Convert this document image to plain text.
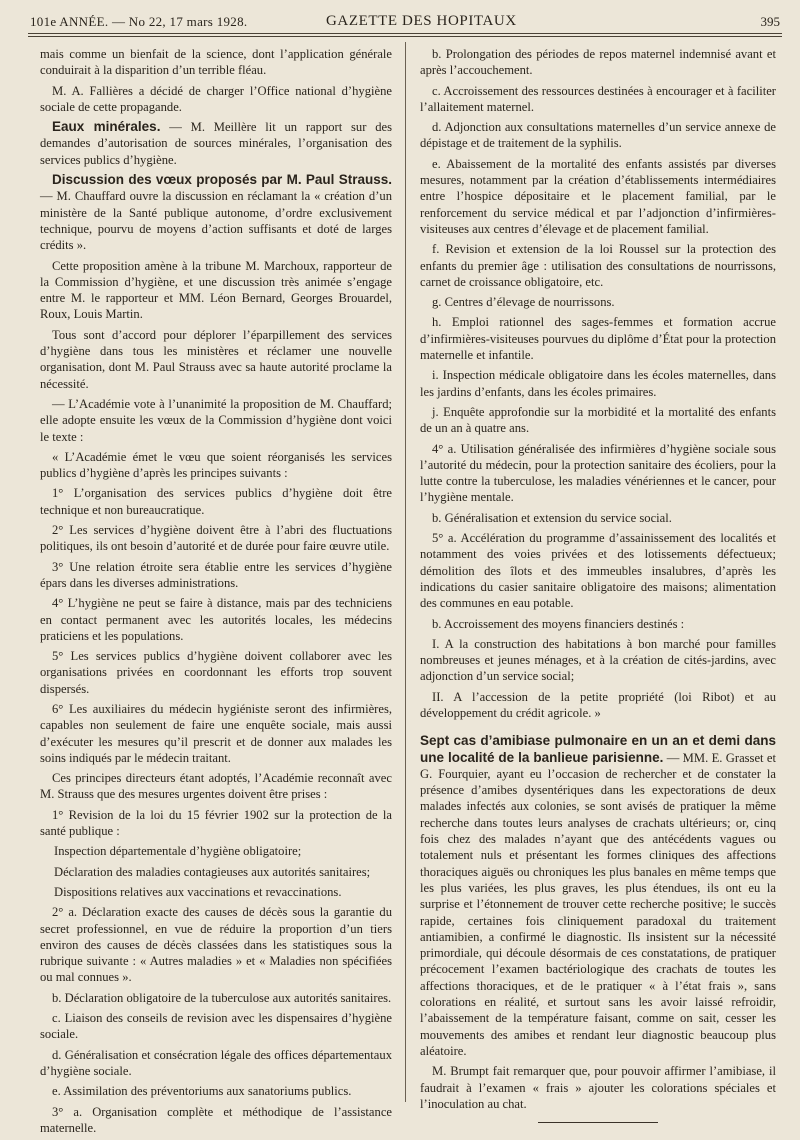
101e ANNÉE. — No 22, 17 mars 1928.	GAZETTE DES HOPITAUX	395

mais comme un bienfait de la science, dont l’application générale conduirait à la disparition d’un terrible fléau.

M. A. Fallières a décidé de charger l’Office national d’hygiène sociale de cette propagande.

Eaux minérales. — M. Meillère lit un rapport sur des demandes d’autorisation de sources minérales, l’organisation des services publics d’hygiène.

Discussion des vœux proposés par M. Paul Strauss. — M. Chauffard ouvre la discussion en réclamant la « création d’un ministère de la Santé publique autonome, d’ordre exclusivement technique, pourvu de moyens d’action suffisants et doté de larges crédits ».

Cette proposition amène à la tribune M. Marchoux, rapporteur de la Commission d’hygiène, et une discussion très animée s’engage entre M. le rapporteur et MM. Léon Bernard, Georges Brouardel, Roux, Louis Martin.

Tous sont d’accord pour déplorer l’éparpillement des services d’hygiène dans tous les ministères et réclamer une nouvelle organisation, dont M. Paul Strauss avec sa haute autorité proclame la nécessité.

— L’Académie vote à l’unanimité la proposition de M. Chauffard; elle adopte ensuite les vœux de la Commission d’hygiène dont voici le texte :

« L’Académie émet le vœu que soient réorganisés les services publics d’hygiène d’après les principes suivants :

1° L’organisation des services publics d’hygiène doit être technique et non bureaucratique.

2° Les services d’hygiène doivent être à l’abri des fluctuations politiques, ils ont besoin d’autorité et de durée pour faire œuvre utile.

3° Une relation étroite sera établie entre les services d’hygiène épars dans les diverses administrations.

4° L’hygiène ne peut se faire à distance, mais par des techniciens en contact permanent avec les autorités locales, les médecins praticiens et les populations.

5° Les services publics d’hygiène doivent collaborer avec les organisations privées en coordonnant les efforts trop souvent dispersés.

6° Les auxiliaires du médecin hygiéniste seront des infirmières, capables non seulement de faire une enquête sociale, mais aussi d’exécuter les mesures qu’il prescrit et de donner aux malades les soins indiqués par le médecin traitant.

Ces principes directeurs étant adoptés, l’Académie reconnaît avec M. Strauss que des mesures urgentes doivent être prises :

1° Revision de la loi du 15 février 1902 sur la protection de la santé publique :

Inspection départementale d’hygiène obligatoire;

Déclaration des maladies contagieuses aux autorités sanitaires;

Dispositions relatives aux vaccinations et revaccinations.

2° a. Déclaration exacte des causes de décès sous la garantie du secret professionnel, en vue de réduire la proportion d’un tiers environ des causes de décès classées dans les statistiques sous la rubrique suivante : « Autres maladies » et « Maladies non spécifiées ou mal connues ».

b. Déclaration obligatoire de la tuberculose aux autorités sanitaires.

c. Liaison des conseils de revision avec les dispensaires d’hygiène sociale.

d. Généralisation et consécration légale des offices départementaux d’hygiène sociale.

e. Assimilation des préventoriums aux sanatoriums publics.

3° a. Organisation complète et méthodique de l’assistance maternelle.

b. Prolongation des périodes de repos maternel indemnisé avant et après l’accouchement.

c. Accroissement des ressources destinées à encourager et à faciliter l’allaitement maternel.

d. Adjonction aux consultations maternelles d’un service annexe de dépistage et de traitement de la syphilis.

e. Abaissement de la mortalité des enfants assistés par diverses mesures, notamment par la création d’établissements intermédiaires entre l’hospice dépositaire et le placement familial, par le renforcement du service médical et par l’adjonction d’infirmières-visiteuses aux centres d’élevage et de placement familial.

f. Revision et extension de la loi Roussel sur la protection des enfants du premier âge : utilisation des consultations de nourrissons, carnet de croissance obligatoire, etc.

g. Centres d’élevage de nourrissons.

h. Emploi rationnel des sages-femmes et formation accrue d’infirmières-visiteuses pourvues du diplôme d’État pour la protection maternelle et infantile.

i. Inspection médicale obligatoire dans les écoles maternelles, dans les jardins d’enfants, dans les écoles primaires.

j. Enquête approfondie sur la morbidité et la mortalité des enfants de un an à quatre ans.

4° a. Utilisation généralisée des infirmières d’hygiène sociale sous l’autorité du médecin, pour la protection sanitaire des écoliers, pour la lutte contre la tuberculose, les maladies vénériennes et le cancer, pour l’hygiène mentale.

b. Généralisation et extension du service social.

5° a. Accélération du programme d’assainissement des localités et notamment des voies privées et des lotissements défectueux; démolition des îlots et des immeubles insalubres, d’après les indications du casier sanitaire obligatoire des maisons; alimentation des communes en eau potable.

b. Accroissement des moyens financiers destinés :

I. A la construction des habitations à bon marché pour familles nombreuses et jeunes ménages, et à la création de cités-jardins, avec adjonction d’un service social;

II. A l’accession de la petite propriété (loi Ribot) et au développement du crédit agricole. »

Sept cas d’amibiase pulmonaire en un an et demi dans une localité de la banlieue parisienne. — MM. E. Grasset et G. Fourquier, ayant eu l’occasion de rechercher et de constater la présence d’amibes dysentériques dans les expectorations de deux malades infectés aux colonies, se sont avisés de pratiquer la même recherche dans toutes leurs analyses de crachats ultérieurs; or, cinq fois chez des malades n’ayant que des antécédents vagues ou totalement nuls et présentant les formes cliniques des affections thoraciques aiguës ou chroniques les plus banales en même temps que les plus variées, les plus graves, les plus étendues, ils ont eu la surprise et l’étonnement de trouver cette recherche positive; le succès rapide, certaines fois cliniquement paradoxal du traitement antiamibien, a confirmé le diagnostic. Ils insistent sur la nécessité primordiale, qui découle désormais de ces constatations, de pratiquer précocement l’examen bactériologique des crachats de toutes les affections thoraciques, et de le pratiquer « à l’état frais », sans colorations en réalité, et surtout sans les avoir laissé refroidir, l’abaissement de la température faisant, comme on sait, cesser les mouvements des amibes et rendant leur diagnostic beaucoup plus aléatoire.

M. Brumpt fait remarquer que, pour pouvoir affirmer l’amibiase, il faudrait à l’examen « frais » ajouter les colorations spéciales et l’inoculation au chat.
